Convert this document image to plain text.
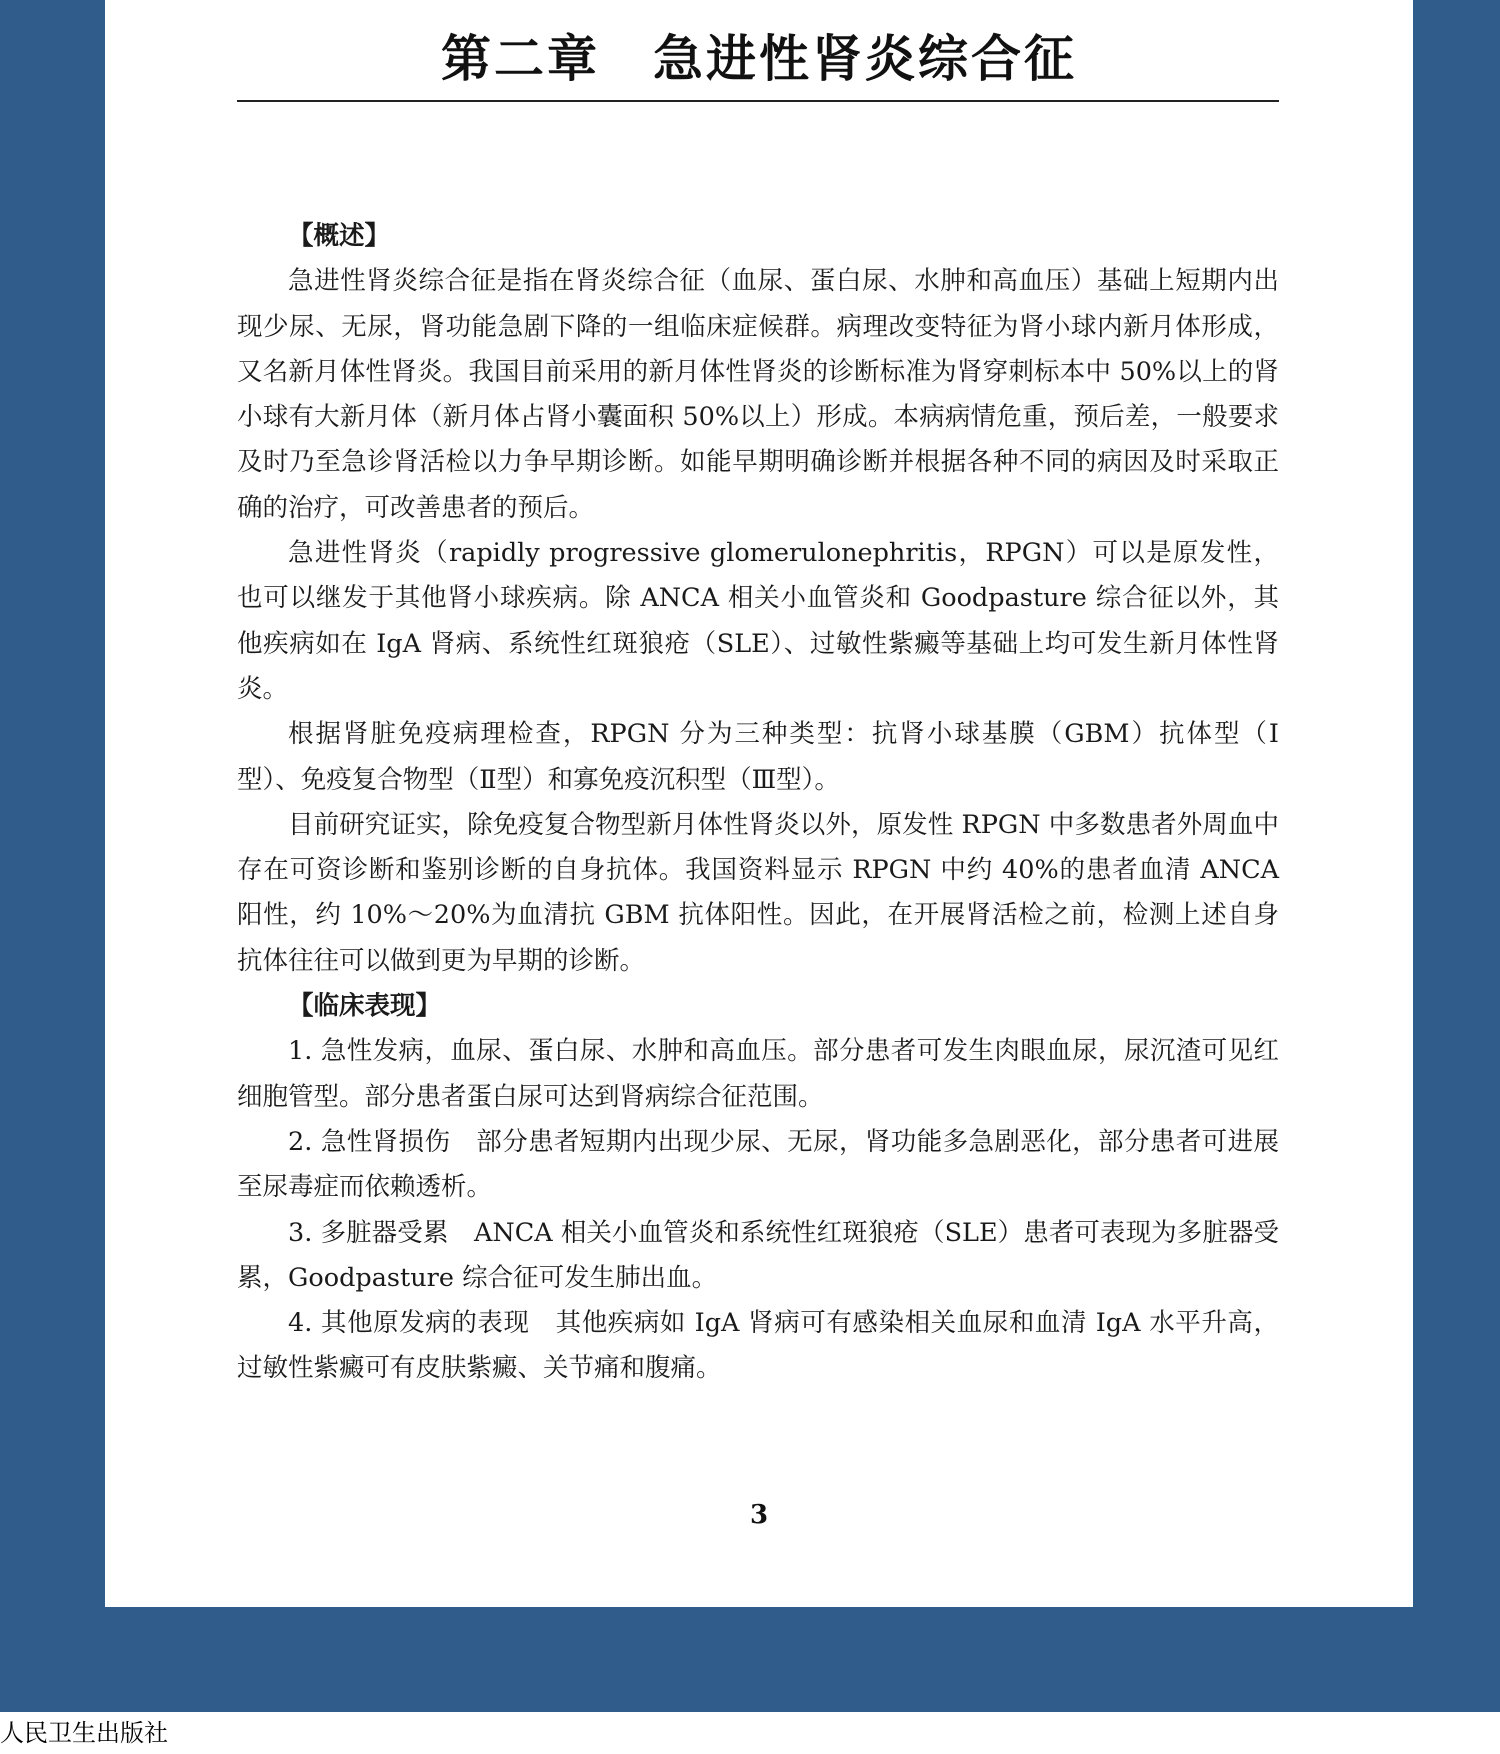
第二章　急进性肾炎综合征
【概述】

急进性肾炎综合征是指在肾炎综合征（血尿、蛋白尿、水肿和高血压）基础上短期内出现少尿、无尿，肾功能急剧下降的一组临床症候群。病理改变特征为肾小球内新月体形成，又名新月体性肾炎。我国目前采用的新月体性肾炎的诊断标准为肾穿刺标本中 50%以上的肾小球有大新月体（新月体占肾小囊面积 50%以上）形成。本病病情危重，预后差，一般要求及时乃至急诊肾活检以力争早期诊断。如能早期明确诊断并根据各种不同的病因及时采取正确的治疗，可改善患者的预后。

急进性肾炎（rapidly progressive glomerulonephritis，RPGN）可以是原发性，也可以继发于其他肾小球疾病。除 ANCA 相关小血管炎和 Goodpasture 综合征以外，其他疾病如在 IgA 肾病、系统性红斑狼疮（SLE）、过敏性紫癜等基础上均可发生新月体性肾炎。

根据肾脏免疫病理检查，RPGN 分为三种类型：抗肾小球基膜（GBM）抗体型（Ⅰ型）、免疫复合物型（Ⅱ型）和寡免疫沉积型（Ⅲ型）。

目前研究证实，除免疫复合物型新月体性肾炎以外，原发性 RPGN 中多数患者外周血中存在可资诊断和鉴别诊断的自身抗体。我国资料显示 RPGN 中约 40%的患者血清 ANCA 阳性，约 10%～20%为血清抗 GBM 抗体阳性。因此，在开展肾活检之前，检测上述自身抗体往往可以做到更为早期的诊断。

【临床表现】

1. 急性发病，血尿、蛋白尿、水肿和高血压。部分患者可发生肉眼血尿，尿沉渣可见红细胞管型。部分患者蛋白尿可达到肾病综合征范围。

2. 急性肾损伤　部分患者短期内出现少尿、无尿，肾功能多急剧恶化，部分患者可进展至尿毒症而依赖透析。

3. 多脏器受累　ANCA 相关小血管炎和系统性红斑狼疮（SLE）患者可表现为多脏器受累，Goodpasture 综合征可发生肺出血。

4. 其他原发病的表现　其他疾病如 IgA 肾病可有感染相关血尿和血清 IgA 水平升高，过敏性紫癜可有皮肤紫癜、关节痛和腹痛。

3
人民卫生出版社
